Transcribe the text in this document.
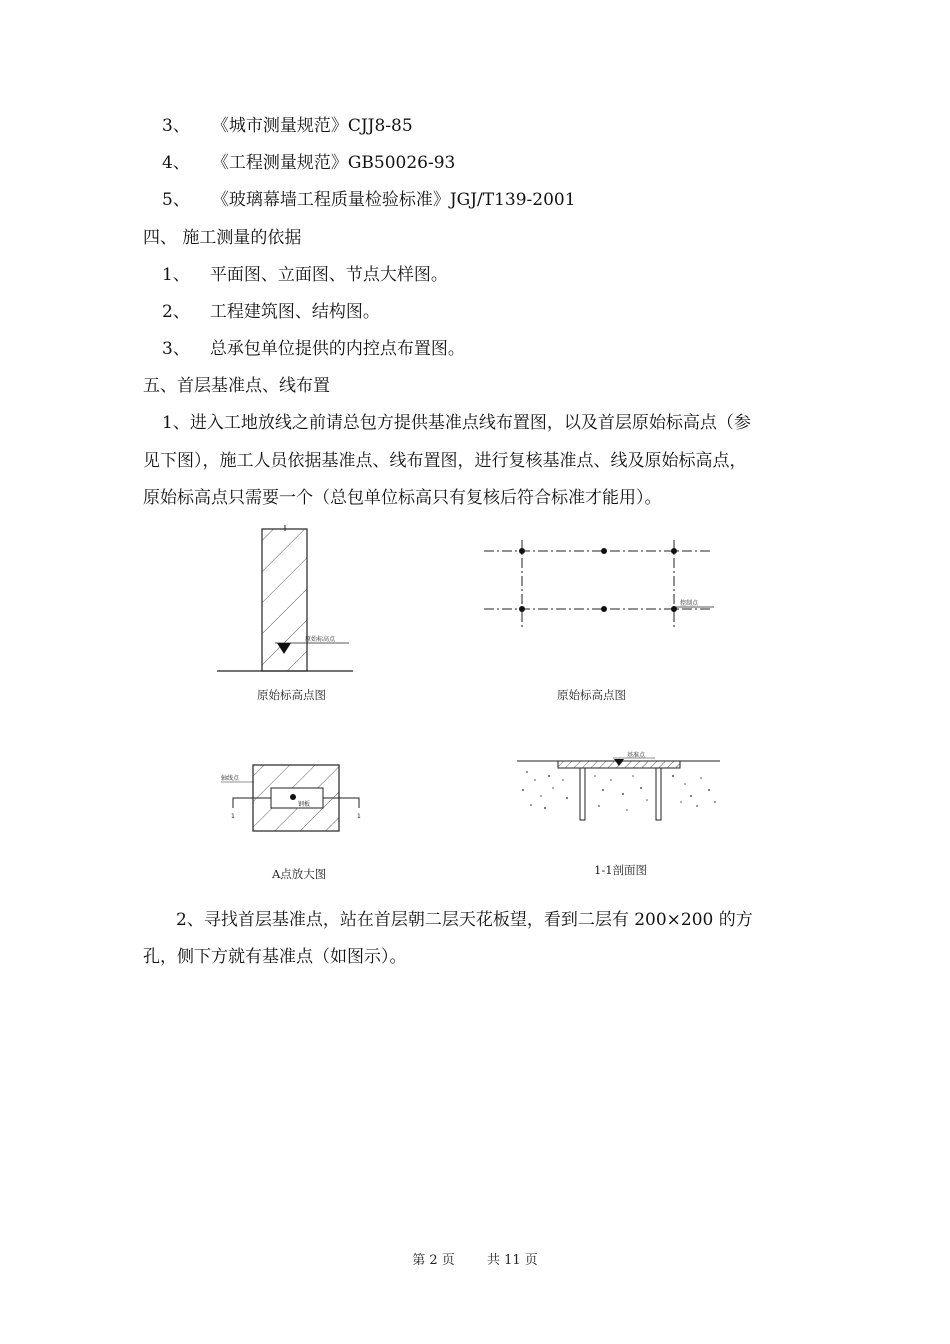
3、 《城市测量规范》CJJ8-85
4、 《工程测量规范》GB50026-93
5、 《玻璃幕墙工程质量检验标准》JGJ/T139-2001
四、 施工测量的依据
1、 平面图、立面图、节点大样图。
2、 工程建筑图、结构图。
3、 总承包单位提供的内控点布置图。
五、首层基准点、线布置
1、进入工地放线之前请总包方提供基准点线布置图，以及首层原始标高点（参
见下图），施工人员依据基准点、线布置图，进行复核基准点、线及原始标高点，
原始标高点只需要一个（总包单位标高只有复核后符合标准才能用）。
原始标高点
原始标高点图
控制点
原始标高点图
钢板
轴线点
1	1
A点放大图
基准点
1-1剖面图
2、寻找首层基准点，站在首层朝二层天花板望，看到二层有 200×200 的方
孔，侧下方就有基准点（如图示）。
第 2 页 共 11 页
